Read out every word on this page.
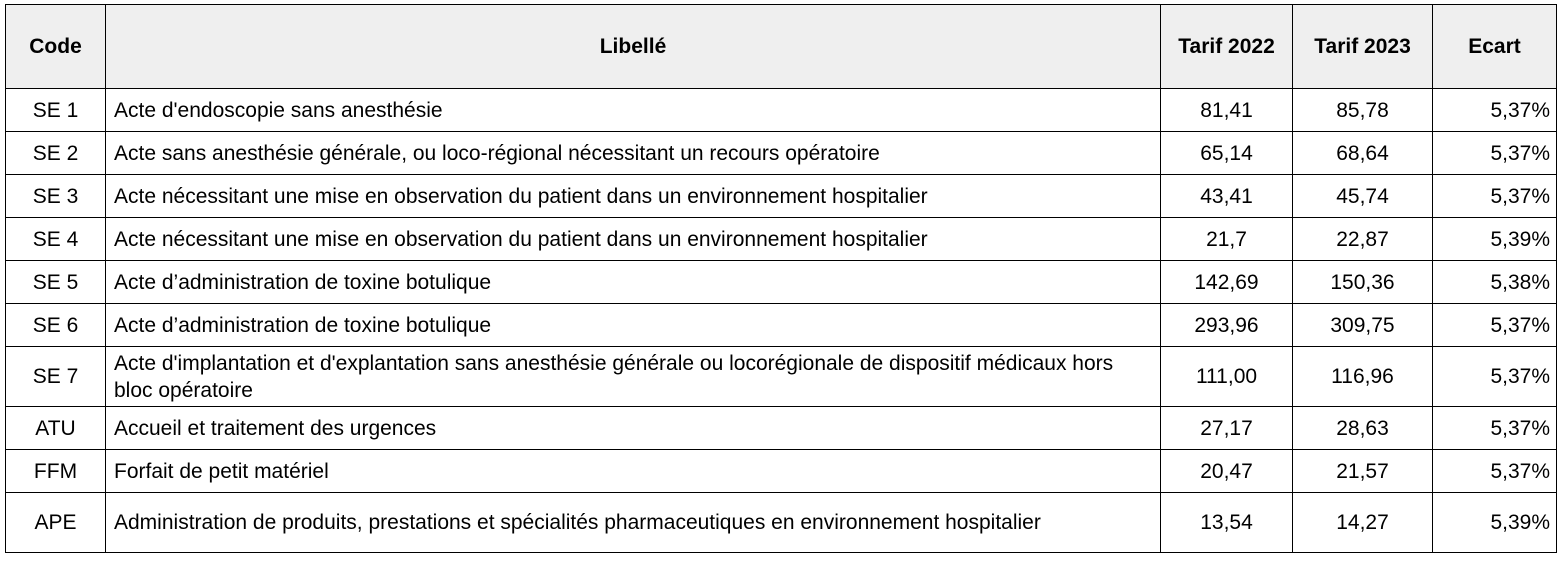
Code	Libellé	Tarif 2022	Tarif 2023	Ecart
SE 1	Acte d'endoscopie sans anesthésie	81,41	85,78	5,37%
SE 2	Acte sans anesthésie générale, ou loco-régional nécessitant un recours opératoire	65,14	68,64	5,37%
SE 3	Acte nécessitant une mise en observation du patient dans un environnement hospitalier	43,41	45,74	5,37%
SE 4	Acte nécessitant une mise en observation du patient dans un environnement hospitalier	21,7	22,87	5,39%
SE 5	Acte d’administration de toxine botulique	142,69	150,36	5,38%
SE 6	Acte d’administration de toxine botulique	293,96	309,75	5,37%
SE 7	Acte d'implantation et d'explantation sans anesthésie générale ou locorégionale de dispositif médicaux hors bloc opératoire	111,00	116,96	5,37%
ATU	Accueil et traitement des urgences	27,17	28,63	5,37%
FFM	Forfait de petit matériel	20,47	21,57	5,37%
APE	Administration de produits, prestations et spécialités pharmaceutiques en environnement hospitalier	13,54	14,27	5,39%
